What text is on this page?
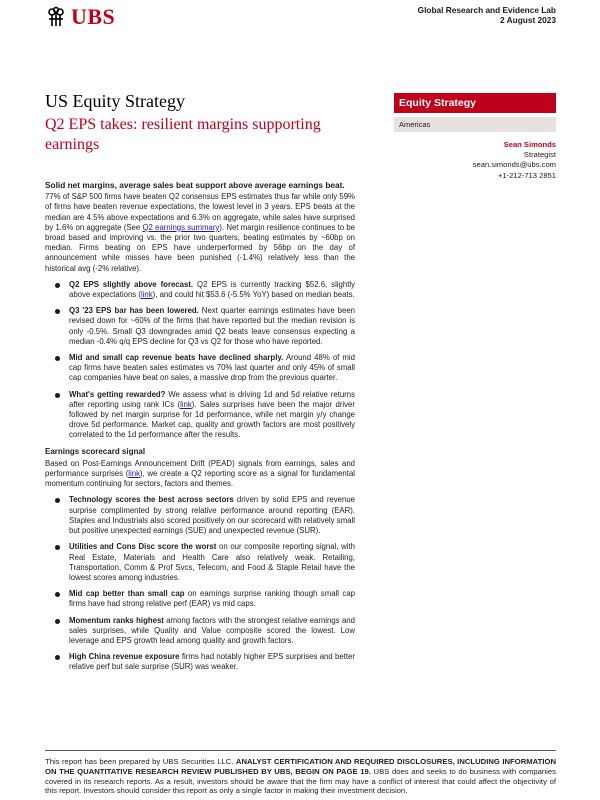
UBS	Global Research and Evidence Lab
2 August 2023
US Equity Strategy
Q2 EPS takes: resilient margins supporting earnings
Equity Strategy
Americas
Sean Simonds
Strategist
sean.simonds@ubs.com
+1-212-713 2851

Solid net margins, average sales beat support above average earnings beat.

77% of S&P 500 firms have beaten Q2 consensus EPS estimates thus far while only 59% of firms have beaten revenue expectations, the lowest level in 3 years. EPS beats at the median are 4.5% above expectations and 6.3% on aggregate, while sales have surprised by 1.6% on aggregate (See Q2 earnings summary). Net margin resilience continues to be broad based and improving vs. the prior two quarters, beating estimates by ~60bp on median. Firms beating on EPS have underperformed by 56bp on the day of announcement while misses have been punished (-1.4%) relatively less than the historical avg (-2% relative).

Q2 EPS slightly above forecast. Q2 EPS is currently tracking $52.6, slightly above expectations (link), and could hit $53.6 (-5.5% YoY) based on median beats.
Q3 '23 EPS bar has been lowered. Next quarter earnings estimates have been revised down for ~60% of the firms that have reported but the median revision is only -0.5%. Small Q3 downgrades amid Q2 beats leave consensus expecting a median -0.4% q/q EPS decline for Q3 vs Q2 for those who have reported.
Mid and small cap revenue beats have declined sharply. Around 48% of mid cap firms have beaten sales estimates vs 70% last quarter and only 45% of small cap companies have beat on sales, a massive drop from the previous quarter.
What's getting rewarded? We assess what is driving 1d and 5d relative returns after reporting using rank ICs (link). Sales surprises have been the major driver followed by net margin surprise for 1d performance, while net margin y/y change drove 5d performance. Market cap, quality and growth factors are most positively correlated to the 1d performance after the results.

Earnings scorecard signal

Based on Post-Earnings Announcement Drift (PEAD) signals from earnings, sales and performance surprises (link), we create a Q2 reporting score as a signal for fundamental momentum continuing for sectors, factors and themes.

Technology scores the best across sectors driven by solid EPS and revenue surprise complimented by strong relative performance around reporting (EAR). Staples and Industrials also scored positively on our scorecard with relatively small but positive unexpected earnings (SUE) and unexpected revenue (SUR).
Utilities and Cons Disc score the worst on our composite reporting signal, with Real Estate, Materials and Health Care also relatively weak. Retailing, Transportation, Comm & Prof Svcs, Telecom, and Food & Staple Retail have the lowest scores among industries.
Mid cap better than small cap on earnings surprise ranking though small cap firms have had strong relative perf (EAR) vs mid caps.
Momentum ranks highest among factors with the strongest relative earnings and sales surprises, while Quality and Value composite scored the lowest. Low leverage and EPS growth lead among quality and growth factors.
High China revenue exposure firms had notably higher EPS surprises and better relative perf but sale surprise (SUR) was weaker.
This report has been prepared by UBS Securities LLC. ANALYST CERTIFICATION AND REQUIRED DISCLOSURES, INCLUDING INFORMATION ON THE QUANTITATIVE RESEARCH REVIEW PUBLISHED BY UBS, BEGIN ON PAGE 19. UBS does and seeks to do business with companies covered in its research reports. As a result, investors should be aware that the firm may have a conflict of interest that could affect the objectivity of this report. Investors should consider this report as only a single factor in making their investment decision.
